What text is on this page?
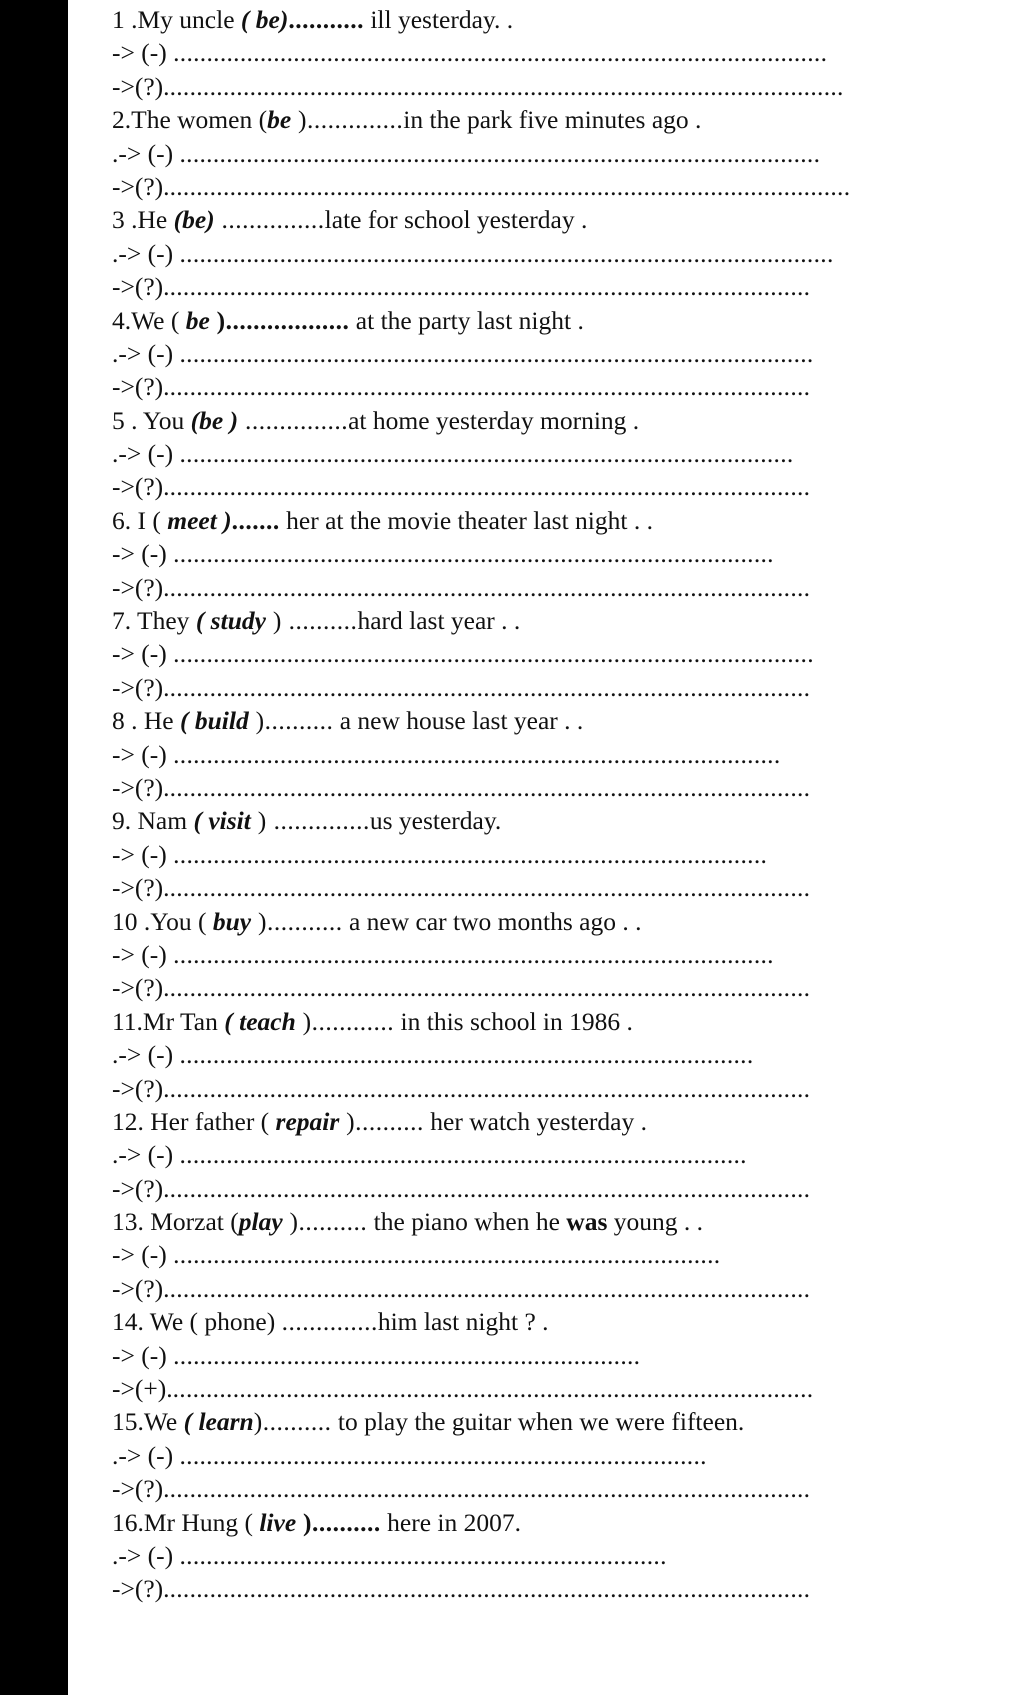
1 .My uncle ( be)........... ill yesterday. .
-> (-) ..................................................................................................
->(?)......................................................................................................
2.The women (be )..............in the park five minutes ago .
.-> (-) ................................................................................................
->(?).......................................................................................................
3 .He (be) ...............late for school yesterday .
.-> (-) ..................................................................................................
->(?).................................................................................................
4.We ( be ).................. at the party last night .
.-> (-) ...............................................................................................
->(?).................................................................................................
5 . You (be ) ...............at home yesterday morning .
.-> (-) ............................................................................................
->(?).................................................................................................
6. I ( meet )....... her at the movie theater last night . .
-> (-) ..........................................................................................
->(?).................................................................................................
7. They ( study ) ..........hard last year . .
-> (-) ................................................................................................
->(?).................................................................................................
8 . He ( build ).......... a new house last year . .
-> (-) ...........................................................................................
->(?).................................................................................................
9. Nam ( visit ) ..............us yesterday.
-> (-) .........................................................................................
->(?).................................................................................................
10 .You ( buy )........... a new car two months ago . .
-> (-) ..........................................................................................
->(?).................................................................................................
11.Mr Tan ( teach )............ in this school in 1986 .
.-> (-) ......................................................................................
->(?).................................................................................................
12. Her father ( repair ).......... her watch yesterday .
.-> (-) .....................................................................................
->(?).................................................................................................
13. Morzat (play ).......... the piano when he was young . .
-> (-) ..................................................................................
->(?).................................................................................................
14. We ( phone) ..............him last night ? .
-> (-) ......................................................................
->(+).................................................................................................
15.We ( learn).......... to play the guitar when we were fifteen.
.-> (-) ...............................................................................
->(?).................................................................................................
16.Mr Hung ( live ).......... here in 2007.
.-> (-) .........................................................................
->(?).................................................................................................
